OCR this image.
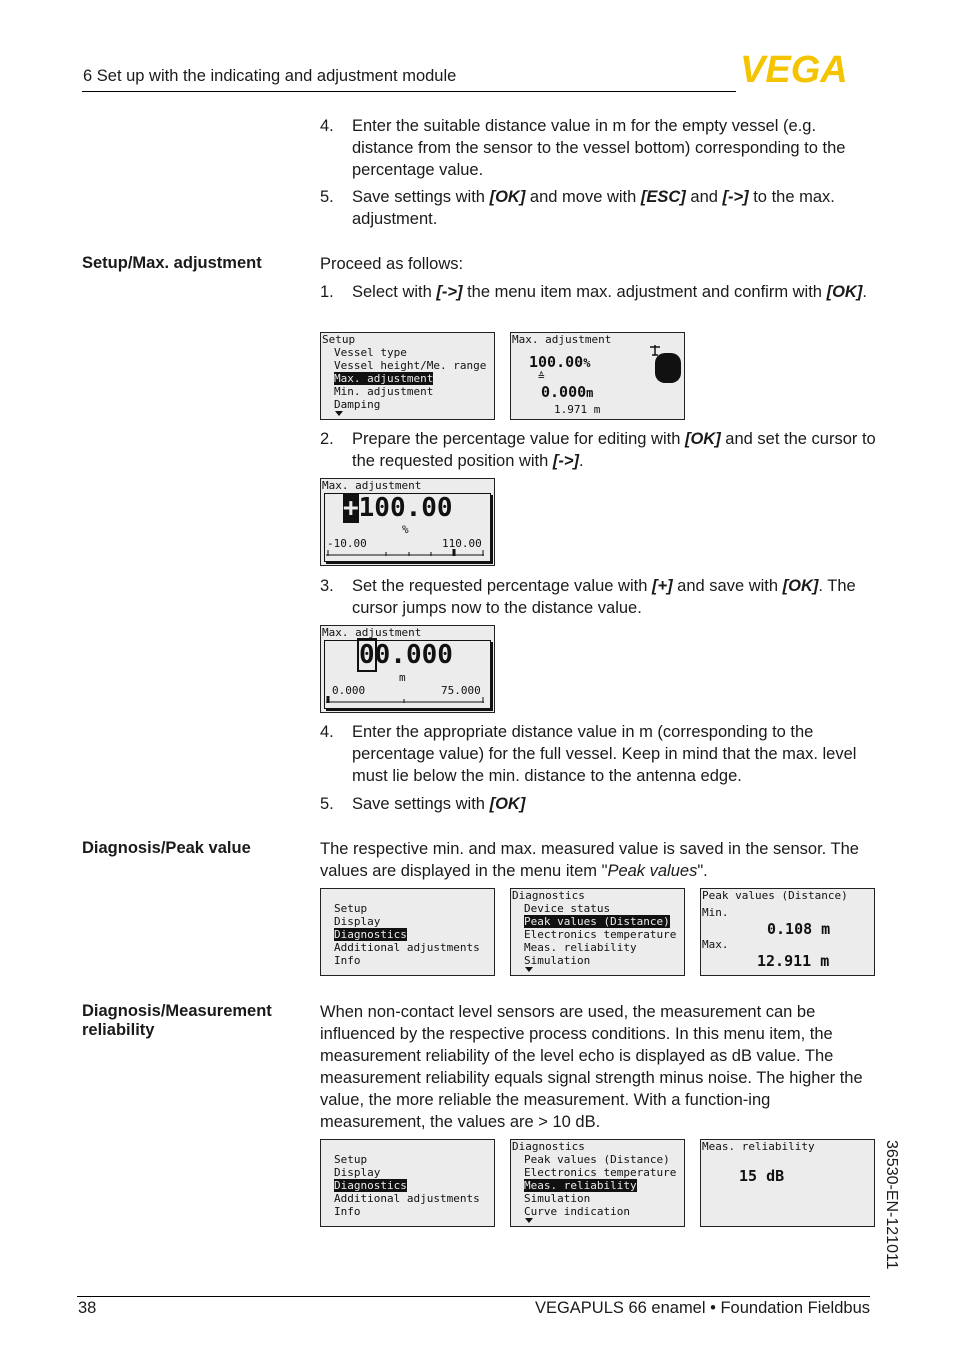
6 Set up with the indicating and adjustment module	VEGA
4. Enter the suitable distance value in m for the empty vessel (e.g. distance from the sensor to the vessel bottom) corresponding to the percentage value.
5. Save settings with [OK] and move with [ESC] and [->] to the max. adjustment.
Setup/Max. adjustment	Proceed as follows:
1. Select with [->] the menu item max. adjustment and confirm with [OK].
Setup
Vessel type
Vessel height/Me. range
Max. adjustment
Min. adjustment
Damping
Max. adjustment
100.00%
≙
0.000m
1.971 m
2. Prepare the percentage value for editing with [OK] and set the cursor to the requested position with [->].
Max. adjustment
+100.00
%
-10.00	110.00
3. Set the requested percentage value with [+] and save with [OK]. The cursor jumps now to the distance value.
Max. adjustment
00.000
m
0.000	75.000
4. Enter the appropriate distance value in m (corresponding to the percentage value) for the full vessel. Keep in mind that the max. level must lie below the min. distance to the antenna edge.
5. Save settings with [OK]
Diagnosis/Peak value	The respective min. and max. measured value is saved in the sensor. The values are displayed in the menu item "Peak values".
Setup
Display
Diagnostics
Additional adjustments
Info
Diagnostics
Device status
Peak values (Distance)
Electronics temperature
Meas. reliability
Simulation
Peak values (Distance)
Min.
0.108 m
Max.
12.911 m
Diagnosis/Measurement reliability
When non-contact level sensors are used, the measurement can be influenced by the respective process conditions. In this menu item, the measurement reliability of the level echo is displayed as dB value. The measurement reliability equals signal strength minus noise. The higher the value, the more reliable the measurement. With a function-ing measurement, the values are > 10 dB.
Setup
Display
Diagnostics
Additional adjustments
Info
Diagnostics
Peak values (Distance)
Electronics temperature
Meas. reliability
Simulation
Curve indication
Meas. reliability
15 dB	36530-EN-121011
38	VEGAPULS 66 enamel • Foundation Fieldbus
